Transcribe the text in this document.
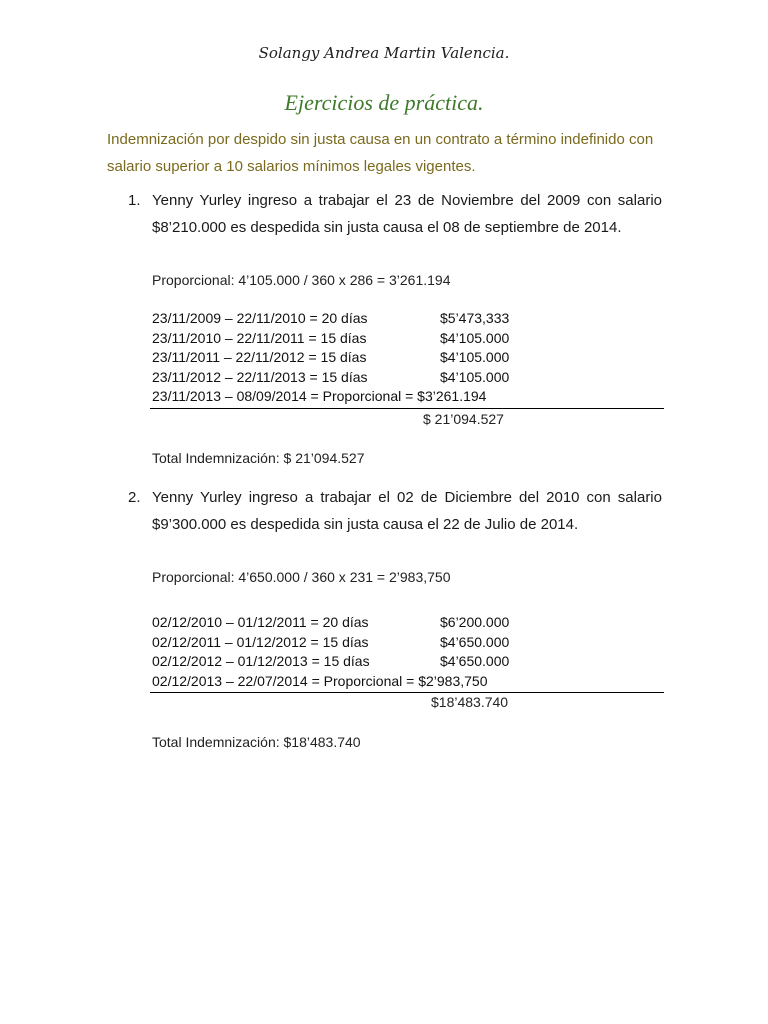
Solangy Andrea Martin Valencia.
Ejercicios de práctica.
Indemnización por despido sin justa causa en un contrato a término indefinido con salario superior a 10 salarios mínimos legales vigentes.
1. Yenny Yurley ingreso a trabajar el 23 de Noviembre del 2009 con salario
$8’210.000 es despedida sin justa causa el 08 de septiembre de 2014.
Proporcional: 4’105.000 / 360 x 286 = 3’261.194
23/11/2009 – 22/11/2010 = 20 días	$5’473,333
23/11/2010 – 22/11/2011 = 15 días	$4’105.000
23/11/2011 – 22/11/2012 = 15 días	$4’105.000
23/11/2012 – 22/11/2013 = 15 días	$4’105.000
23/11/2013 – 08/09/2014 = Proporcional = $3’261.194
$ 21’094.527
Total Indemnización: $ 21’094.527
2. Yenny Yurley ingreso a trabajar el 02 de Diciembre del 2010 con salario
$9’300.000 es despedida sin justa causa el 22 de Julio de 2014.
Proporcional: 4’650.000 / 360 x 231 = 2’983,750
02/12/2010 – 01/12/2011 = 20 días	$6’200.000
02/12/2011 – 01/12/2012 = 15 días	$4’650.000
02/12/2012 – 01/12/2013 = 15 días	$4’650.000
02/12/2013 – 22/07/2014 = Proporcional = $2’983,750
$18’483.740
Total Indemnización: $18’483.740
